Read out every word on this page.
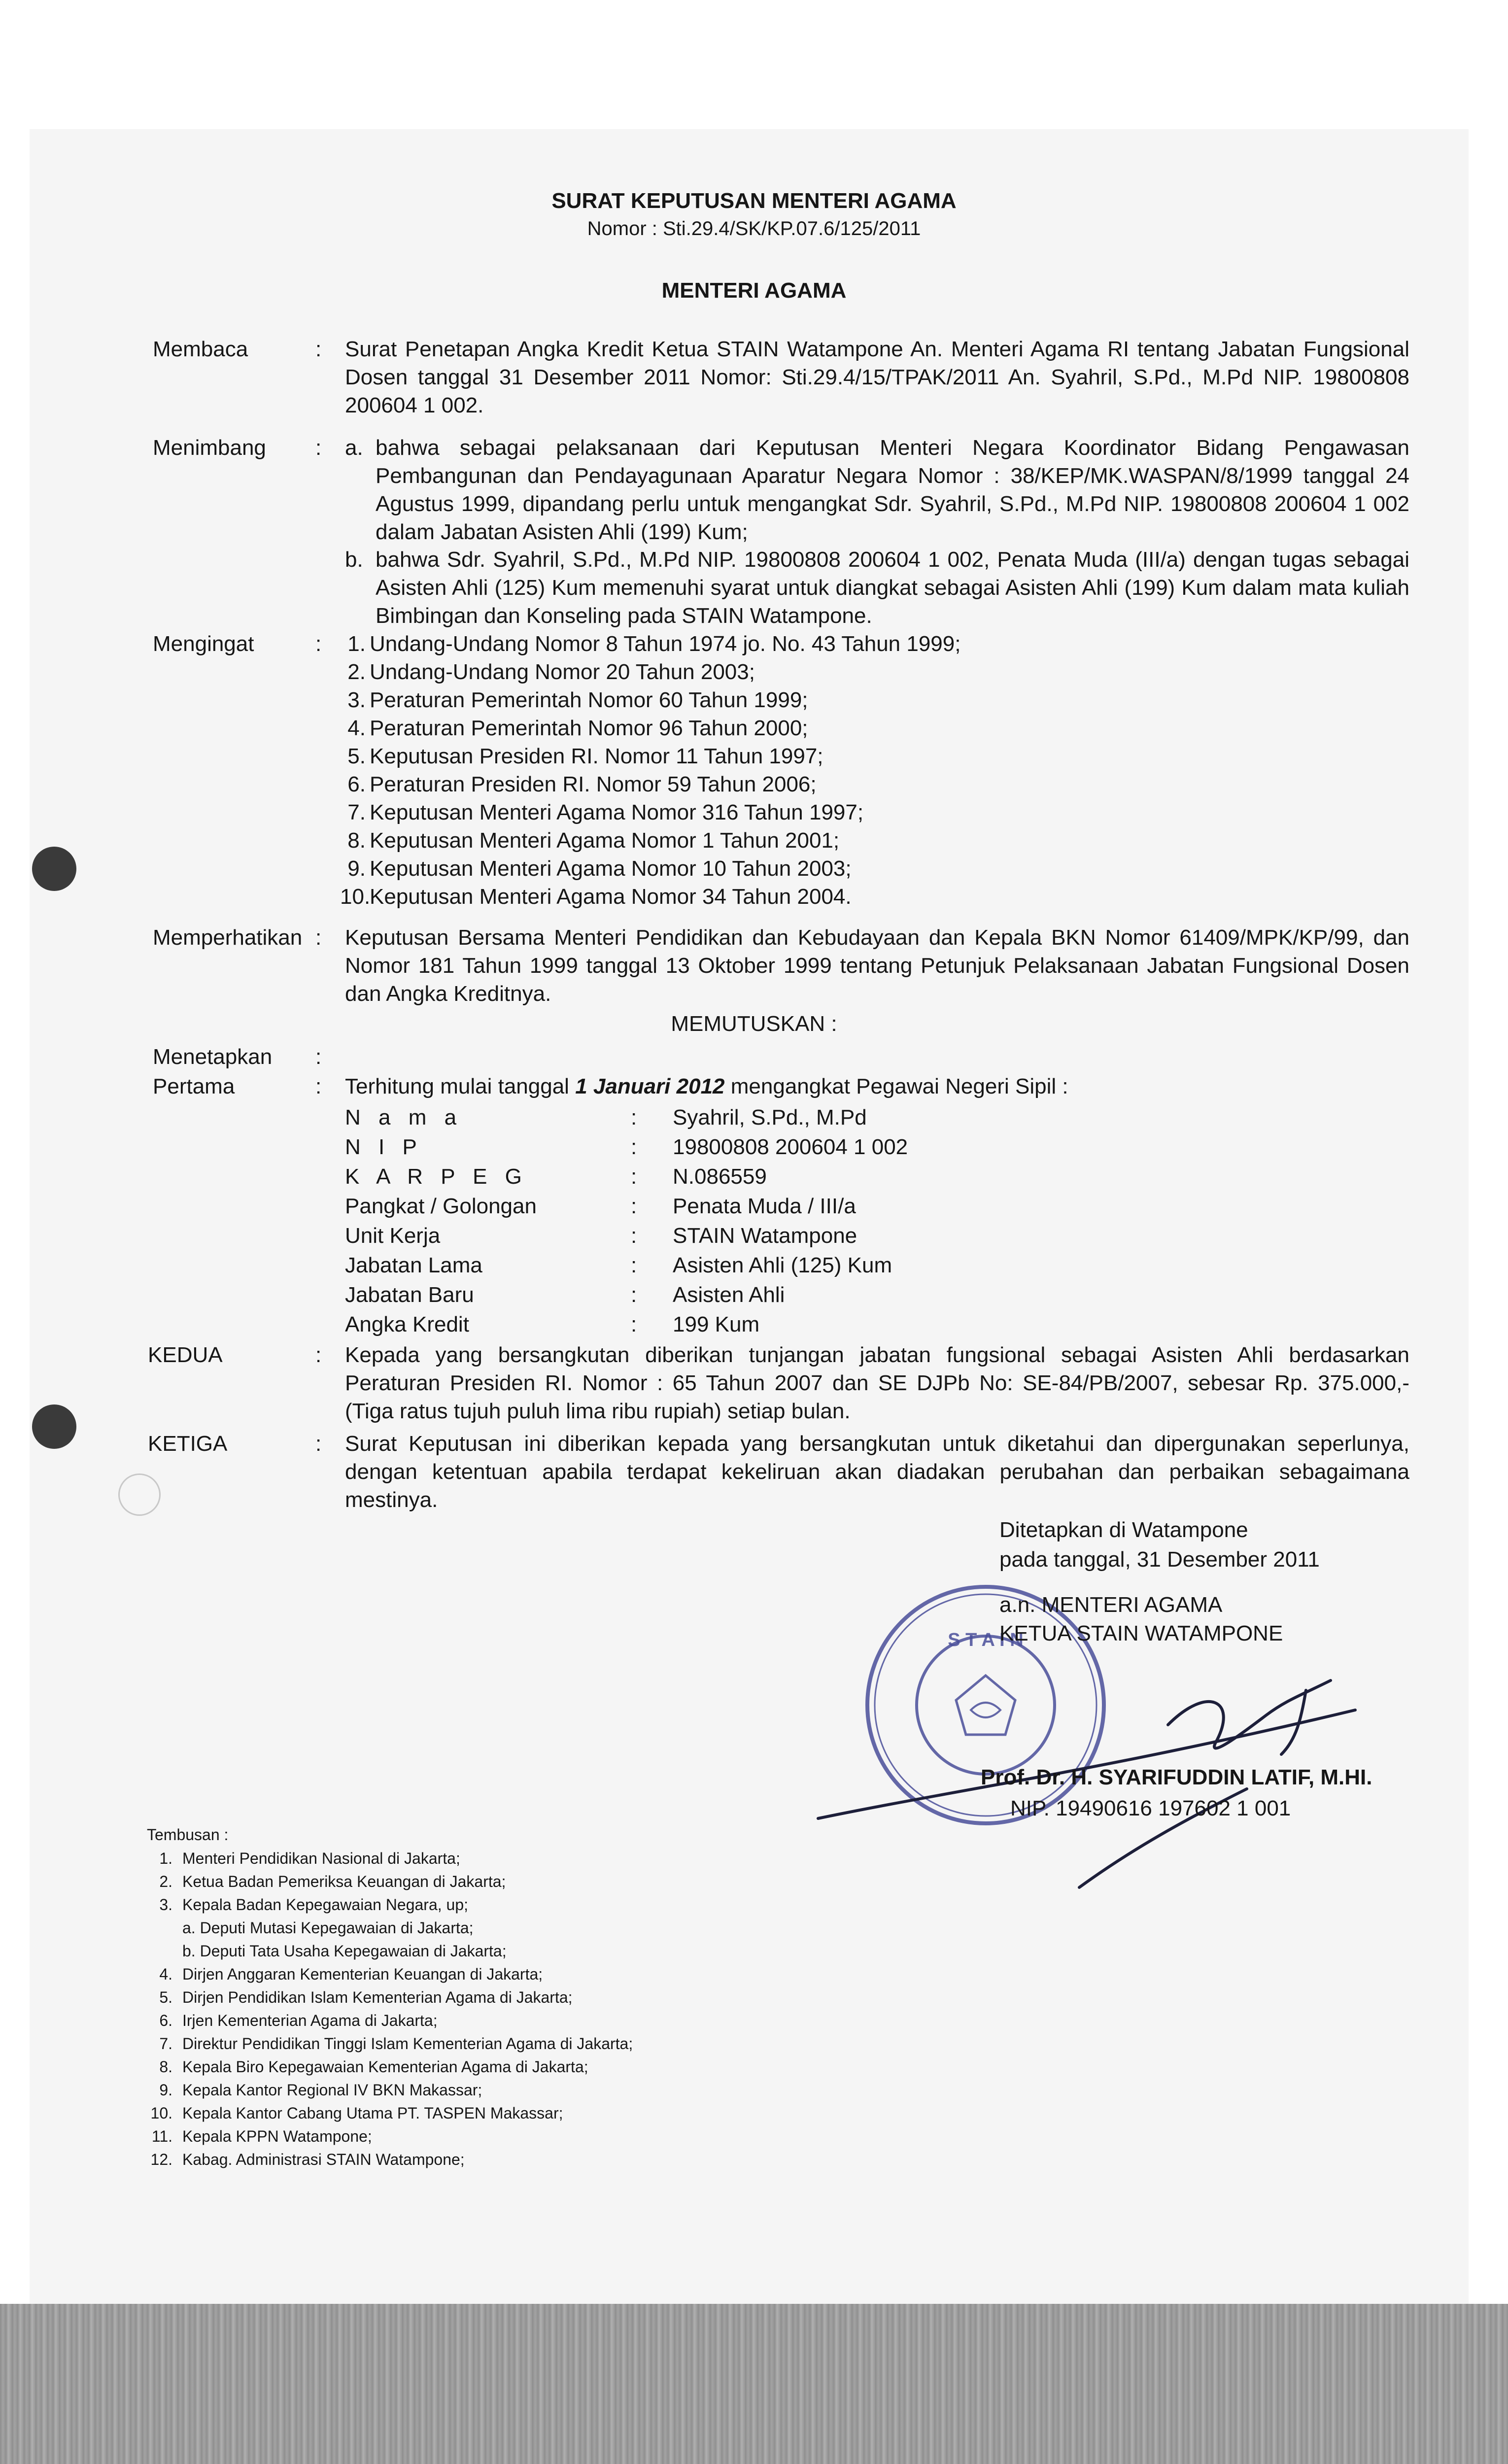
SURAT KEPUTUSAN MENTERI AGAMA
Nomor : Sti.29.4/SK/KP.07.6/125/2011
MENTERI AGAMA
Membaca	: Surat Penetapan Angka Kredit Ketua STAIN Watampone An. Menteri Agama RI tentang Jabatan Fungsional Dosen tanggal 31 Desember 2011 Nomor: Sti.29.4/15/TPAK/2011 An. Syahril, S.Pd., M.Pd NIP. 19800808 200604 1 002.
Menimbang : a. bahwa sebagai pelaksanaan dari Keputusan Menteri Negara Koordinator Bidang Pengawasan Pembangunan dan Pendayagunaan Aparatur Negara Nomor : 38/KEP/MK.WASPAN/8/1999 tanggal 24 Agustus 1999, dipandang perlu untuk mengangkat Sdr. Syahril, S.Pd., M.Pd NIP. 19800808 200604 1 002 dalam Jabatan Asisten Ahli (199) Kum;
b. bahwa Sdr. Syahril, S.Pd., M.Pd NIP. 19800808 200604 1 002, Penata Muda (III/a) dengan tugas sebagai Asisten Ahli (125) Kum memenuhi syarat untuk diangkat sebagai Asisten Ahli (199) Kum dalam mata kuliah Bimbingan dan Konseling pada STAIN Watampone.
Mengingat	:	1. Undang-Undang Nomor 8 Tahun 1974 jo. No. 43 Tahun 1999;
2. Undang-Undang Nomor 20 Tahun 2003;
3. Peraturan Pemerintah Nomor 60 Tahun 1999;
4. Peraturan Pemerintah Nomor 96 Tahun 2000;
5. Keputusan Presiden RI. Nomor 11 Tahun 1997;
6. Peraturan Presiden RI. Nomor 59 Tahun 2006;
7. Keputusan Menteri Agama Nomor 316 Tahun 1997;
8. Keputusan Menteri Agama Nomor 1 Tahun 2001;
9. Keputusan Menteri Agama Nomor 10 Tahun 2003;
10.
Keputusan Menteri Agama Nomor 34 Tahun 2004.
Memperhatikan : Keputusan Bersama Menteri Pendidikan dan Kebudayaan dan Kepala BKN Nomor 61409/MPK/KP/99, dan Nomor 181 Tahun 1999 tanggal 13 Oktober 1999 tentang Petunjuk Pelaksanaan Jabatan Fungsional Dosen dan Angka Kreditnya.
MEMUTUSKAN :
Menetapkan :
Pertama	: Terhitung mulai tanggal 1 Januari 2012 mengangkat Pegawai Negeri Sipil :
N a m a	: Syahril, S.Pd., M.Pd
N I P	: 19800808 200604 1 002
K A R P E G	: N.086559
Pangkat / Golongan	: Penata Muda / III/a
Unit Kerja	: STAIN Watampone
Jabatan Lama	: Asisten Ahli (125) Kum
Jabatan Baru	: Asisten Ahli
Angka Kredit	: 199 Kum
KEDUA	: Kepada yang bersangkutan diberikan tunjangan jabatan fungsional sebagai Asisten Ahli berdasarkan Peraturan Presiden RI. Nomor : 65 Tahun 2007 dan SE DJPb No: SE-84/PB/2007, sebesar Rp. 375.000,- (Tiga ratus tujuh puluh lima ribu rupiah) setiap bulan.
KETIGA	: Surat Keputusan ini diberikan kepada yang bersangkutan untuk diketahui dan dipergunakan seperlunya, dengan ketentuan apabila terdapat kekeliruan akan diadakan perubahan dan perbaikan sebagaimana mestinya.
Ditetapkan di Watampone
pada tanggal, 31 Desember 2011
S T A I N
a.n. MENTERI AGAMA
KETUA STAIN WATAMPONE
Prof. Dr. H. SYARIFUDDIN LATIF, M.HI.
NIP. 19490616 197602 1 001
Tembusan :
1. Menteri Pendidikan Nasional di Jakarta;
2. Ketua Badan Pemeriksa Keuangan di Jakarta;
3. Kepala Badan Kepegawaian Negara, up;
a. Deputi Mutasi Kepegawaian di Jakarta;
b. Deputi Tata Usaha Kepegawaian di Jakarta;
4. Dirjen Anggaran Kementerian Keuangan di Jakarta;
5. Dirjen Pendidikan Islam Kementerian Agama di Jakarta;
6. Irjen Kementerian Agama di Jakarta;
7. Direktur Pendidikan Tinggi Islam Kementerian Agama di Jakarta;
8. Kepala Biro Kepegawaian Kementerian Agama di Jakarta;
9. Kepala Kantor Regional IV BKN Makassar;
10. Kepala Kantor Cabang Utama PT. TASPEN Makassar;
11. Kepala KPPN Watampone;
12. Kabag. Administrasi STAIN Watampone;
